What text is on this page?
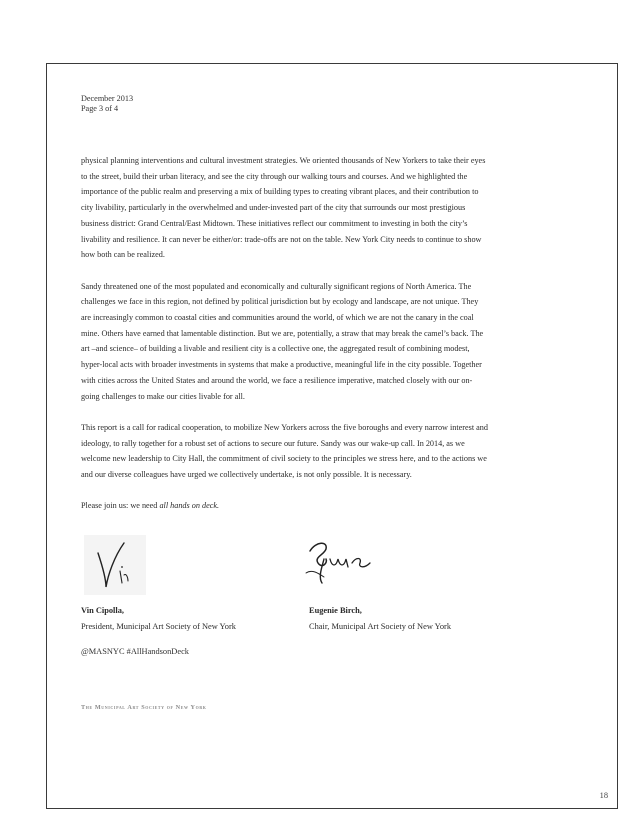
December 2013
Page 3 of 4

physical planning interventions and cultural investment strategies. We oriented thousands of New Yorkers to take their eyes to the street, build their urban literacy, and see the city through our walking tours and courses. And we highlighted the importance of the public realm and preserving a mix of building types to creating vibrant places, and their contribution to city livability, particularly in the overwhelmed and under-invested part of the city that surrounds our most prestigious business district: Grand Central/East Midtown. These initiatives reflect our commitment to investing in both the city’s livability and resilience. It can never be either/or: trade-offs are not on the table. New York City needs to continue to show how both can be realized.

Sandy threatened one of the most populated and economically and culturally significant regions of North America. The challenges we face in this region, not defined by political jurisdiction but by ecology and landscape, are not unique. They are increasingly common to coastal cities and communities around the world, of which we are not the canary in the coal mine. Others have earned that lamentable distinction. But we are, potentially, a straw that may break the camel’s back. The art –and science– of building a livable and resilient city is a collective one, the aggregated result of combining modest, hyper-local acts with broader investments in systems that make a productive, meaningful life in the city possible. Together with cities across the United States and around the world, we face a resilience imperative, matched closely with our on-going challenges to make our cities livable for all.

This report is a call for radical cooperation, to mobilize New Yorkers across the five boroughs and every narrow interest and ideology, to rally together for a robust set of actions to secure our future. Sandy was our wake-up call. In 2014, as we welcome new leadership to City Hall, the commitment of civil society to the principles we stress here, and to the actions we and our diverse colleagues have urged we collectively undertake, is not only possible. It is necessary.

Please join us: we need all hands on deck.

Vin Cipolla,
President, Municipal Art Society of New York
Eugenie Birch,
Chair, Municipal Art Society of New York
@MASNYC #AllHandsonDeck
The Municipal Art Society of New York
18
